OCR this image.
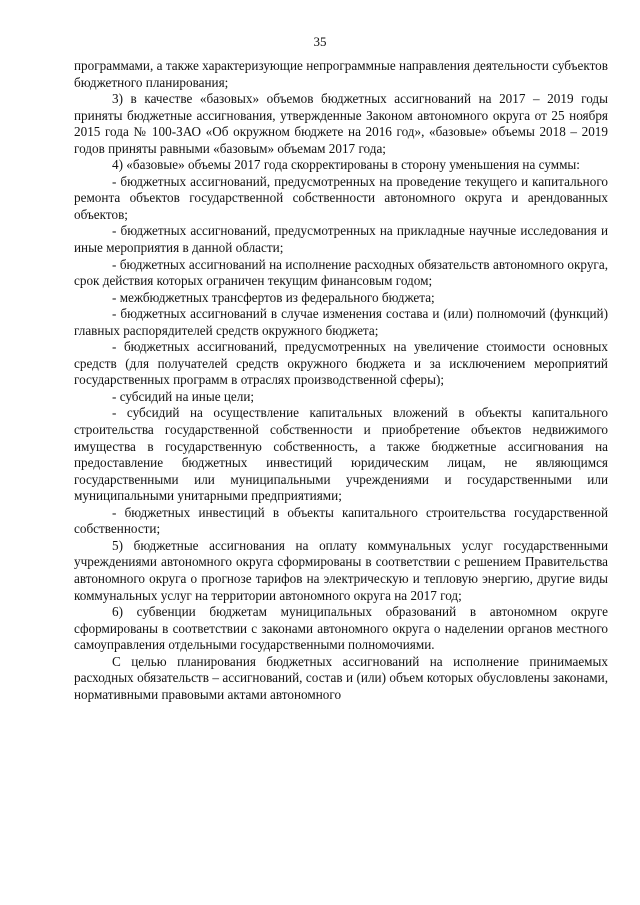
35

программами, а также характеризующие непрограммные направления деятельности субъектов бюджетного планирования;

3) в качестве «базовых» объемов бюджетных ассигнований на 2017 – 2019 годы приняты бюджетные ассигнования, утвержденные Законом автономного округа от 25 ноября 2015 года № 100-ЗАО «Об окружном бюджете на 2016 год», «базовые» объемы 2018 – 2019 годов приняты равными «базовым» объемам 2017 года;

4) «базовые» объемы 2017 года скорректированы в сторону уменьшения на суммы:

- бюджетных ассигнований, предусмотренных на проведение текущего и капитального ремонта объектов государственной собственности автономного округа и арендованных объектов;

- бюджетных ассигнований, предусмотренных на прикладные научные исследования и иные мероприятия в данной области;

- бюджетных ассигнований на исполнение расходных обязательств автономного округа, срок действия которых ограничен текущим финансовым годом;

- межбюджетных трансфертов из федерального бюджета;

- бюджетных ассигнований в случае изменения состава и (или) полномочий (функций) главных распорядителей средств окружного бюджета;

- бюджетных ассигнований, предусмотренных на увеличение стоимости основных средств (для получателей средств окружного бюджета и за исключением мероприятий государственных программ в отраслях производственной сферы);

- субсидий на иные цели;

- субсидий на осуществление капитальных вложений в объекты капитального строительства государственной собственности и приобретение объектов недвижимого имущества в государственную собственность, а также бюджетные ассигнования на предоставление бюджетных инвестиций юридическим лицам, не являющимся государственными или муниципальными учреждениями и государственными или муниципальными унитарными предприятиями;

- бюджетных инвестиций в объекты капитального строительства государственной собственности;

5) бюджетные ассигнования на оплату коммунальных услуг государственными учреждениями автономного округа сформированы в соответствии с решением Правительства автономного округа о прогнозе тарифов на электрическую и тепловую энергию, другие виды коммунальных услуг на территории автономного округа на 2017 год;

6) субвенции бюджетам муниципальных образований в автономном округе сформированы в соответствии с законами автономного округа о наделении органов местного самоуправления отдельными государственными полномочиями.

С целью планирования бюджетных ассигнований на исполнение принимаемых расходных обязательств – ассигнований, состав и (или) объем которых обусловлены законами, нормативными правовыми актами автономного
